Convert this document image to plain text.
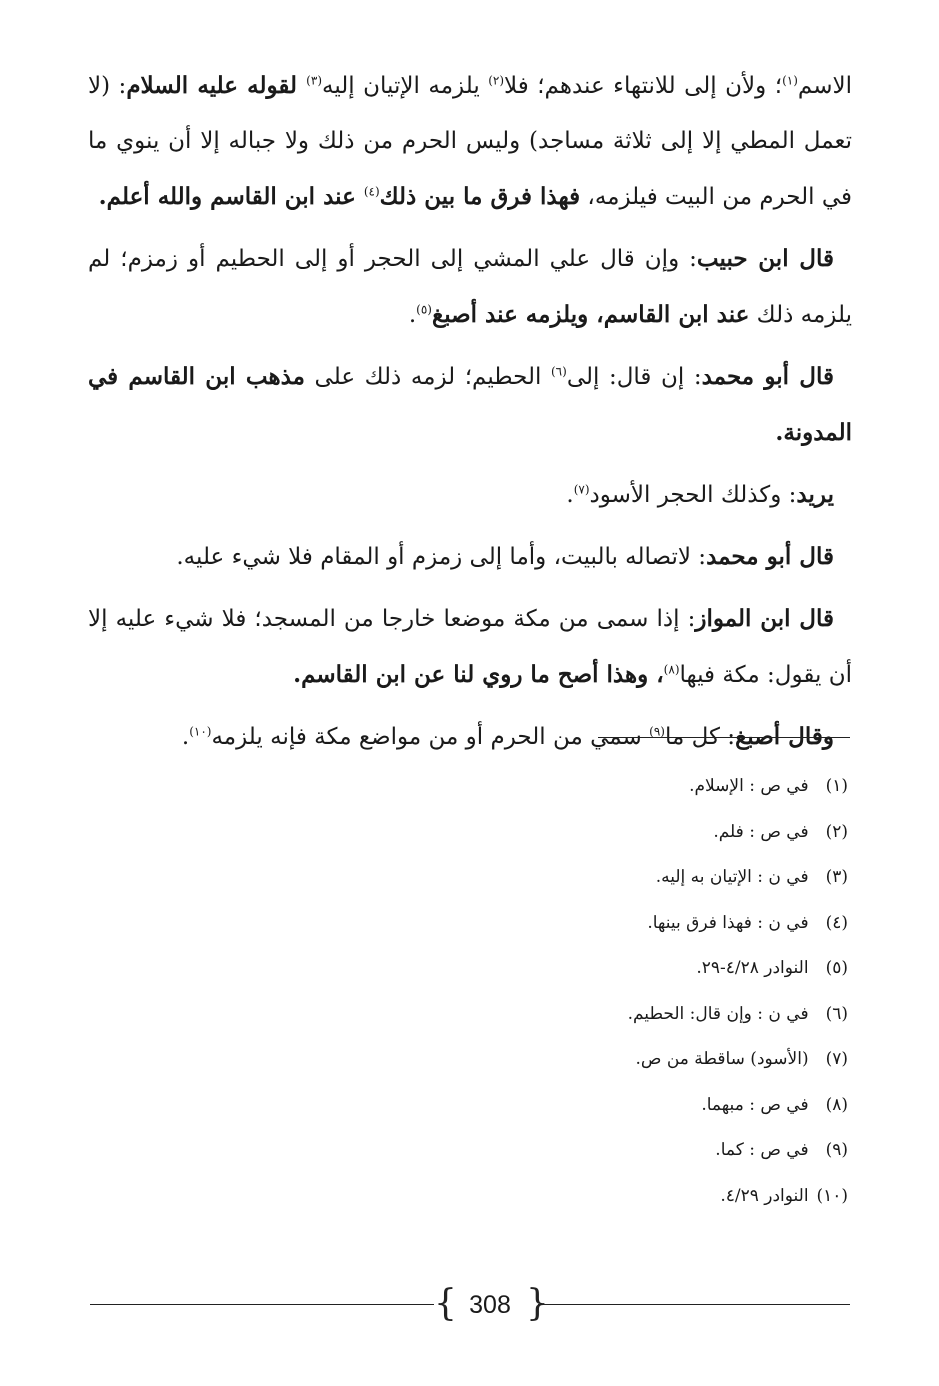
الاسم$^{(١)}$؛ ولأن إلى للانتهاء عندهم؛ فلا$^{(٢)}$ يلزمه الإتيان إليه$^{(٣)}$ لقوله عليه السلام: (لا تعمل المطي إلا إلى ثلاثة مساجد) وليس الحرم من ذلك ولا جباله إلا أن ينوي ما في الحرم من البيت فيلزمه، فهذا فرق ما بين ذلك$^{(٤)}$ عند ابن القاسم والله أعلم.

قال ابن حبيب: وإن قال علي المشي إلى الحجر أو إلى الحطيم أو زمزم؛ لم يلزمه ذلك عند ابن القاسم، ويلزمه عند أصبغ$^{(٥)}$.

قال أبو محمد: إن قال: إلى$^{(٦)}$ الحطيم؛ لزمه ذلك على مذهب ابن القاسم في المدونة.

يريد: وكذلك الحجر الأسود$^{(٧)}$.

قال أبو محمد: لاتصاله بالبيت، وأما إلى زمزم أو المقام فلا شيء عليه.

قال ابن المواز: إذا سمى من مكة موضعا خارجا من المسجد؛ فلا شيء عليه إلا أن يقول: مكة فيها$^{(٨)}$، وهذا أصح ما روي لنا عن ابن القاسم.

وقال أصبغ: كل ما$^{(٩)}$ سمي من الحرم أو من مواضع مكة فإنه يلزمه$^{(١٠)}$.

(١) في ص : الإسلام.
(٢) في ص : فلم.
(٣) في ن : الإتيان به إليه.
(٤) في ن : فهذا فرق بينها.
(٥) النوادر ٤/٢٨-٢٩.
(٦) في ن : وإن قال: الحطيم.
(٧) (الأسود) ساقطة من ص.
(٨) في ص : مبهما.
(٩) في ص : كما.
(١٠) النوادر ٤/٢٩.
{ 308 }
